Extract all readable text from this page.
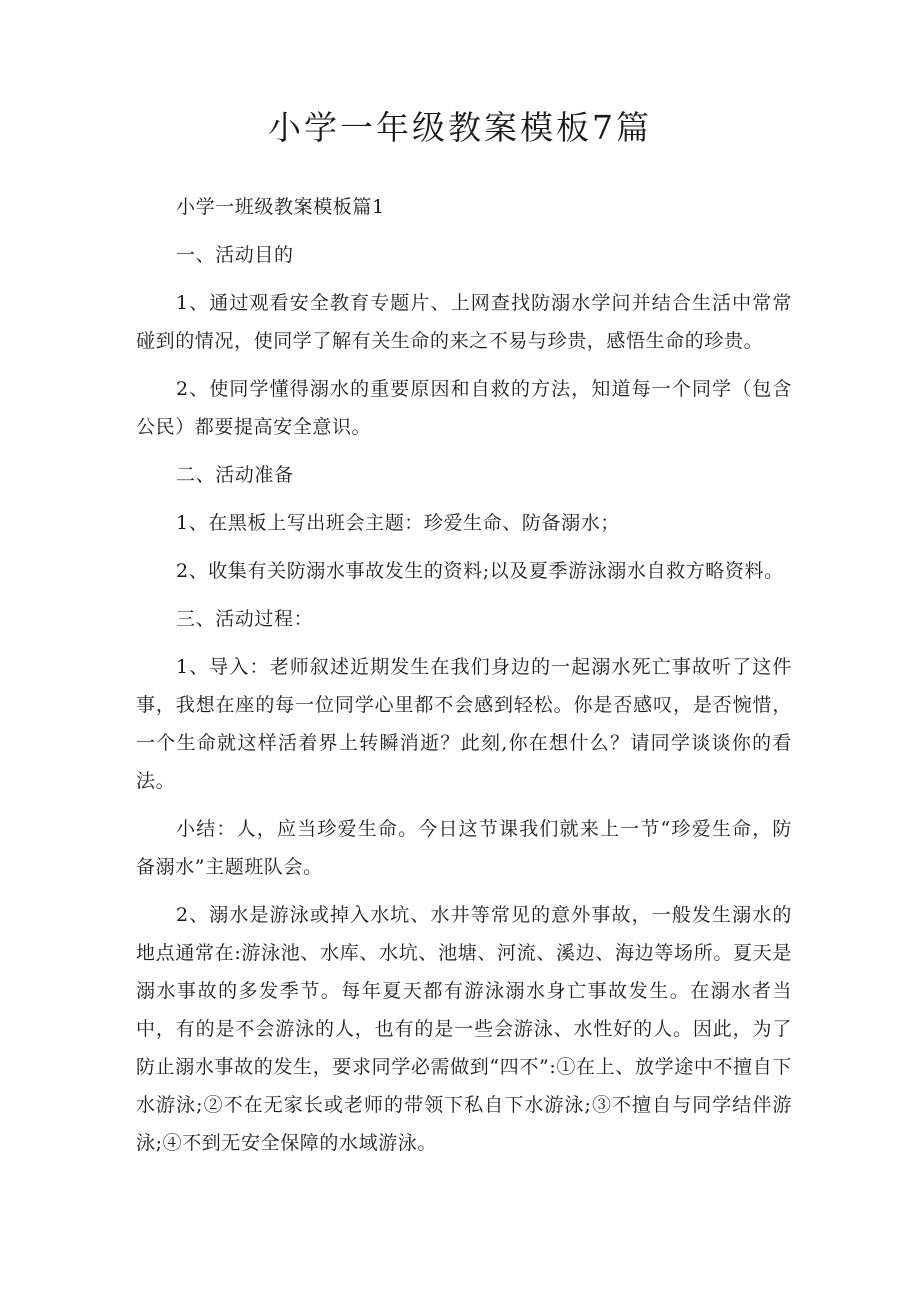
小学一年级教案模板7篇

小学一班级教案模板篇1

一、活动目的

1、通过观看安全教育专题片、上网查找防溺水学问并结合生活中常常碰到的情况，使同学了解有关生命的来之不易与珍贵，感悟生命的珍贵。

2、使同学懂得溺水的重要原因和自救的方法，知道每一个同学（包含公民）都要提高安全意识。

二、活动准备

1、在黑板上写出班会主题：珍爱生命、防备溺水；

2、收集有关防溺水事故发生的资料;以及夏季游泳溺水自救方略资料。

三、活动过程：

1、导入：老师叙述近期发生在我们身边的一起溺水死亡事故听了这件事，我想在座的每一位同学心里都不会感到轻松。你是否感叹，是否惋惜，一个生命就这样活着界上转瞬消逝？此刻,你在想什么？请同学谈谈你的看法。

小结：人，应当珍爱生命。今日这节课我们就来上一节“珍爱生命，防备溺水”主题班队会。

2、溺水是游泳或掉入水坑、水井等常见的意外事故，一般发生溺水的地点通常在:游泳池、水库、水坑、池塘、河流、溪边、海边等场所。夏天是溺水事故的多发季节。每年夏天都有游泳溺水身亡事故发生。在溺水者当中，有的是不会游泳的人，也有的是一些会游泳、水性好的人。因此，为了防止溺水事故的发生，要求同学必需做到“四不”:①在上、放学途中不擅自下水游泳;②不在无家长或老师的带领下私自下水游泳;③不擅自与同学结伴游泳;④不到无安全保障的水域游泳。
